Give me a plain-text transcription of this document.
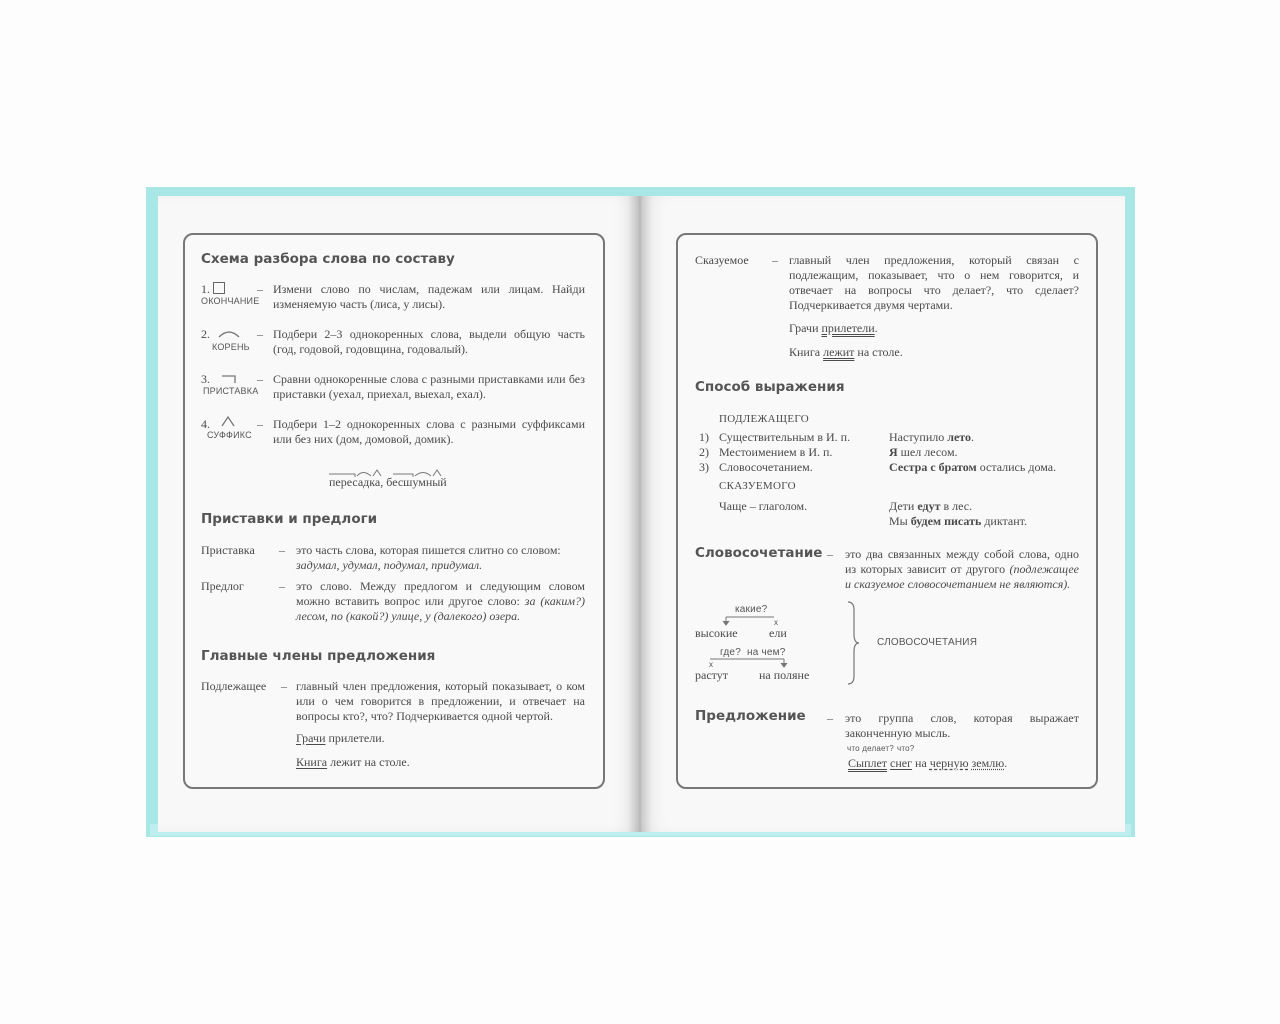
Схема разбора слова по составу
1.
ОКОНЧАНИЕ
– Измени слово по числам, падежам или лицам. Найди изменяемую часть (лиса, у лисы).
2.
КОРЕНЬ
– Подбери 2–3 однокоренных слова, выдели общую часть (год, годовой, годовщина, годовалый).
3.
ПРИСТАВКА
– Сравни однокоренные слова с разными приставками или без приставки (уехал, приехал, выехал, ехал).
4.
СУФФИКС
– Подбери 1–2 однокоренных слова с разными суффиксами или без них (дом, домовой, домик).
пересадка, бесшумный
Приставки и предлоги
Приставка – это часть слова, которая пишется слитно со словом:
задумал, удумал, подумал, придумал.
Предлог	– это слово. Между предлогом и следующим словом можно вставить вопрос или другое слово: за (каким?) лесом, по (какой?) улице, у (далекого) озера.
Главные члены предложения
Подлежащее – главный член предложения, который показывает, о ком или о чем говорится в предложении, и отвечает на вопросы кто?, что? Подчеркивается одной чертой.
Грачи прилетели.
Книга лежит на столе.
Сказуемое – главный член предложения, который связан с подлежащим, показывает, что о нем говорится, и отвечает на вопросы что делает?, что сделает? Подчеркивается двумя чертами.
Грачи прилетели.
Книга лежит на столе.
Способ выражения
ПОДЛЕЖАЩЕГО
1) Существительным в И. п.	Наступило лето.
2) Местоимением в И. п.	Я шел лесом.
3) Словосочетанием.	Сестра с братом остались дома.
СКАЗУЕМОГО
Чаще – глаголом.	Дети едут в лес.
Мы будем писать диктант.
Словосочетание – это два связанных между собой слова, одно из которых зависит от другого (подлежащее и сказуемое словосочетанием не являются).
какие?
x
высокие	ели
где? на чем?
x
растут	на поляне
СЛОВОСОЧЕТАНИЯ
Предложение – это группа слов, которая выражает законченную мысль.
что делает? что?
Сыплет снег на черную землю.
